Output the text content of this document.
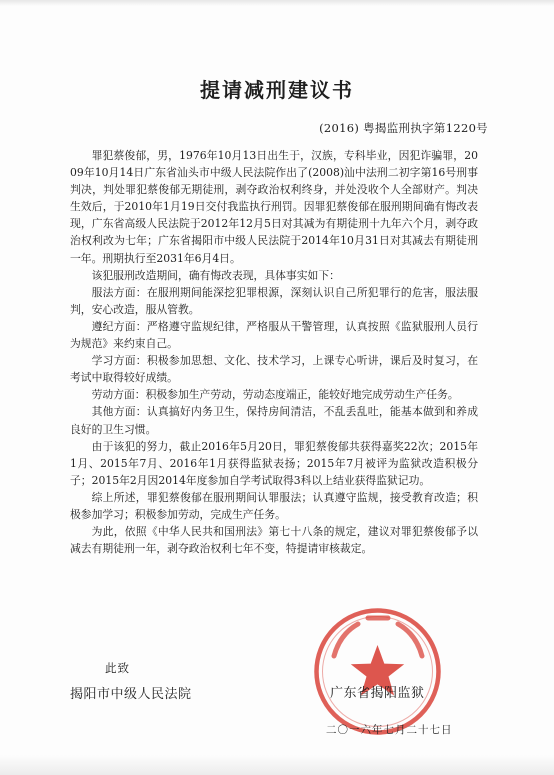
提请减刑建议书
(2016) 粤揭监刑执字第1220号

罪犯蔡俊郁，男，1976年10月13日出生于，汉族，专科毕业，因犯诈骗罪，2009年10月14日广东省汕头市中级人民法院作出了(2008)汕中法刑二初字第16号刑事判决，判处罪犯蔡俊郁无期徒刑，剥夺政治权利终身，并处没收个人全部财产。判决生效后，于2010年1月19日交付我监执行刑罚。因罪犯蔡俊郁在服刑期间确有悔改表现，广东省高级人民法院于2012年12月5日对其减为有期徒刑十九年六个月，剥夺政治权利改为七年；广东省揭阳市中级人民法院于2014年10月31日对其减去有期徒刑一年。刑期执行至2031年6月4日。

该犯服刑改造期间，确有悔改表现，具体事实如下：

服法方面：在服刑期间能深挖犯罪根源，深刻认识自己所犯罪行的危害，服法服判，安心改造，服从管教。

遵纪方面：严格遵守监规纪律，严格服从干警管理，认真按照《监狱服刑人员行为规范》来约束自己。

学习方面：积极参加思想、文化、技术学习，上课专心听讲，课后及时复习，在考试中取得较好成绩。

劳动方面：积极参加生产劳动，劳动态度端正，能较好地完成劳动生产任务。

其他方面：认真搞好内务卫生，保持房间清洁，不乱丢乱吐，能基本做到和养成良好的卫生习惯。

由于该犯的努力，截止2016年5月20日，罪犯蔡俊郁共获得嘉奖22次；2015年1月、2015年7月、2016年1月获得监狱表扬；2015年7月被评为监狱改造积极分子；2015年2月因2014年度参加自学考试取得3科以上结业获得监狱记功。

综上所述，罪犯蔡俊郁在服刑期间认罪服法；认真遵守监规，接受教育改造；积极参加学习；积极参加劳动，完成生产任务。

为此，依照《中华人民共和国刑法》第七十八条的规定，建议对罪犯蔡俊郁予以减去有期徒刑一年，剥夺政治权利七年不变，特提请审核裁定。

此致
揭阳市中级人民法院	广东省揭阳监狱
二〇一六年七月二十七日
